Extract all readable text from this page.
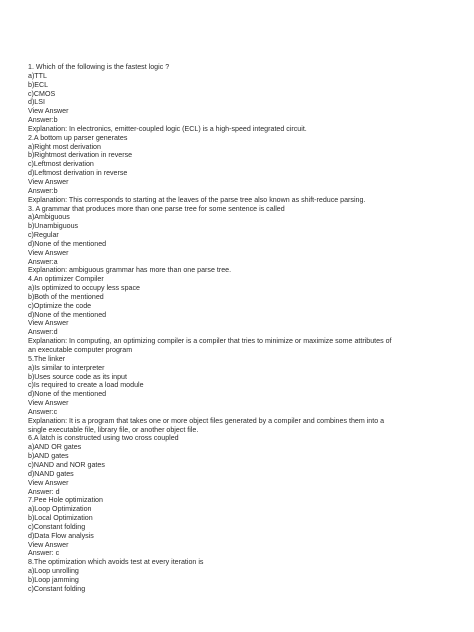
1. Which of the following is the fastest logic ?
a)TTL
b)ECL
c)CMOS
d)LSI
View Answer
Answer:b
Explanation: In electronics, emitter-coupled logic (ECL) is a high-speed integrated circuit.
2.A bottom up parser generates
a)Right most derivation
b)Rightmost derivation in reverse
c)Leftmost derivation
d)Leftmost derivation in reverse
View Answer
Answer:b
Explanation: This corresponds to starting at the leaves of the parse tree also known as shift-reduce parsing.
3. A grammar that produces more than one parse tree for some sentence is called
a)Ambiguous
b)Unambiguous
c)Regular
d)None of the mentioned
View Answer
Answer:a
Explanation: ambiguous grammar has more than one parse tree.
4.An optimizer Compiler
a)Is optimized to occupy less space
b)Both of the mentioned
c)Optimize the code
d)None of the mentioned
View Answer
Answer:d
Explanation: In computing, an optimizing compiler is a compiler that tries to minimize or maximize some attributes of
an executable computer program
5.The linker
a)Is similar to interpreter
b)Uses source code as its input
c)Is required to create a load module
d)None of the mentioned
View Answer
Answer:c
Explanation: It is a program that takes one or more object files generated by a compiler and combines them into a
single executable file, library file, or another object file.
6.A latch is constructed using two cross coupled
a)AND OR gates
b)AND gates
c)NAND and NOR gates
d)NAND gates
View Answer
Answer: d
7.Pee Hole optimization
a)Loop Optimization
b)Local Optimization
c)Constant folding
d)Data Flow analysis
View Answer
Answer: c
8.The optimization which avoids test at every iteration is
a)Loop unrolling
b)Loop jamming
c)Constant folding
